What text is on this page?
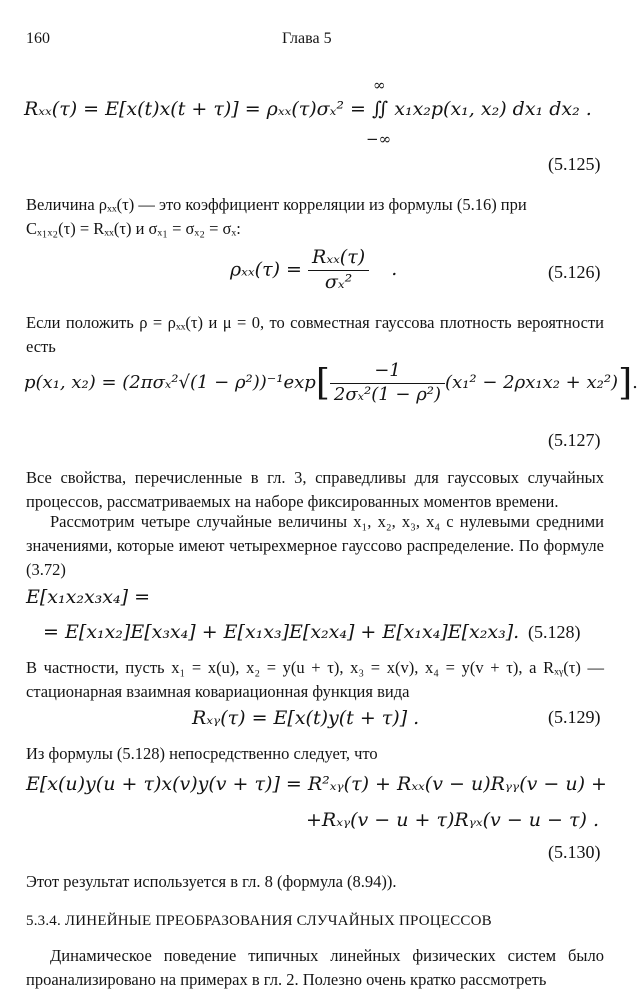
160	Глава 5
Rₓₓ(τ) = E[x(t)x(t + τ)] = ρₓₓ(τ)σₓ² = ∬ x₁x₂p(x₁, x₂) dx₁ dx₂ .
∞
−∞
(5.125)
Величина ρₓₓ(τ) — это коэффициент корреляции из формулы (5.16) при
Cₓ₁ₓ₂(τ) = Rₓₓ(τ) и σₓ₁ = σₓ₂ = σₓ:
$\rho_{xx}(\tau) = \frac{\text{Rₓₓ(τ)}}{\text{σₓ²}}$ .	(5.126)
Если положить ρ = ρₓₓ(τ) и μ = 0, то совместная гауссова плотность вероятности есть
p(x₁, $x_2) = (2\pi\sigma_x^2√(1 - \rho^2))^{-1}\exp[ \frac{-1}{\text{2σₓ²(1 − ρ²)}} (x_1^2 - 2\rho x_1x_2 + x_2^2)]$.
(5.127)
Все свойства, перечисленные в гл. 3, справедливы для гауссовых случайных процессов, рассматриваемых на наборе фиксированных моментов времени.
Рассмотрим четыре случайные величины x₁, x₂, x₃, x₄ с нулевыми средними значениями, которые имеют четырехмерное гауссово распределение. По формуле (3.72)
E[x₁x₂x₃x₄] =
= E[x₁x₂]E[x₃x₄] + E[x₁x₃]E[x₂x₄] + E[x₁x₄]E[x₂x₃]. (5.128)
В частности, пусть x₁ = x(u), x₂ = y(u + τ), x₃ = x(v), x₄ = y(v + τ), а Rₓᵧ(τ) — стационарная взаимная ковариационная функция вида
Rₓᵧ(τ) = E[x(t)y(t + τ)] .	(5.129)
Из формулы (5.128) непосредственно следует, что
E[x(u)y(u + τ)x(v)y(v + τ)] = R²ₓᵧ(τ) + Rₓₓ(v − u)Rᵧᵧ(v − u) +
+Rₓᵧ(v − u + τ)Rᵧₓ(v − u − τ) .
(5.130)
Этот результат используется в гл. 8 (формула (8.94)).
5.3.4. ЛИНЕЙНЫЕ ПРЕОБРАЗОВАНИЯ СЛУЧАЙНЫХ ПРОЦЕССОВ
Динамическое поведение типичных линейных физических систем было проанализировано на примерах в гл. 2. Полезно очень кратко рассмотреть
